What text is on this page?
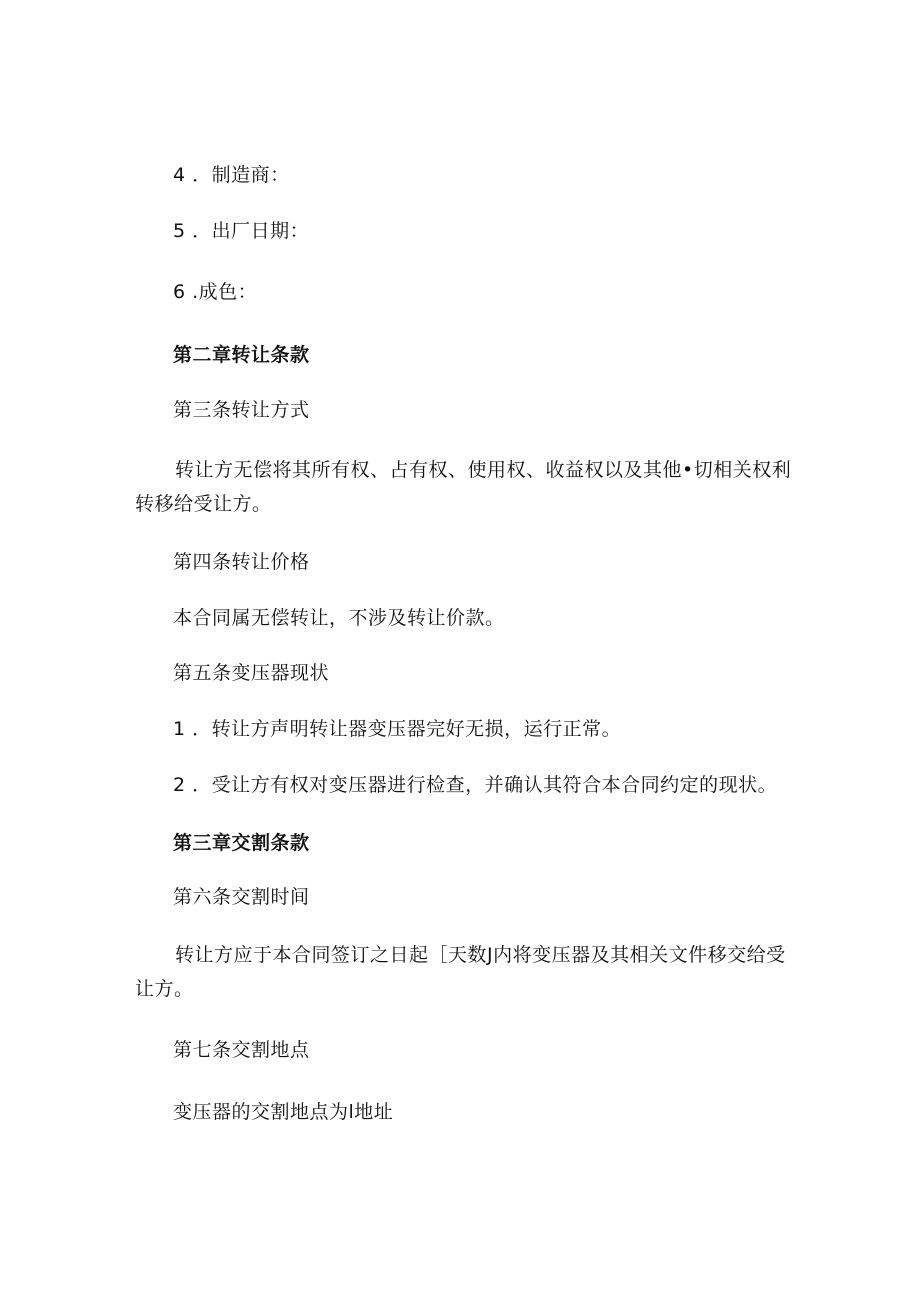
4 ．制造商：
5 ．出厂日期：
6 .成色：
第二章转让条款
第三条转让方式
转让方无偿将其所有权、占有权、使用权、收益权以及其他•切相关权利转移给受让方。
第四条转让价格
本合同属无偿转让，不涉及转让价款。
第五条变压器现状
1 ．转让方声明转让器变压器完好无损，运行正常。
2 ．受让方有权对变压器进行检查，并确认其符合本合同约定的现状。
第三章交割条款
第六条交割时间
转让方应于本合同签订之日起［天数J内将变压器及其相关文件移交给受让方。
第七条交割地点
变压器的交割地点为l地址
